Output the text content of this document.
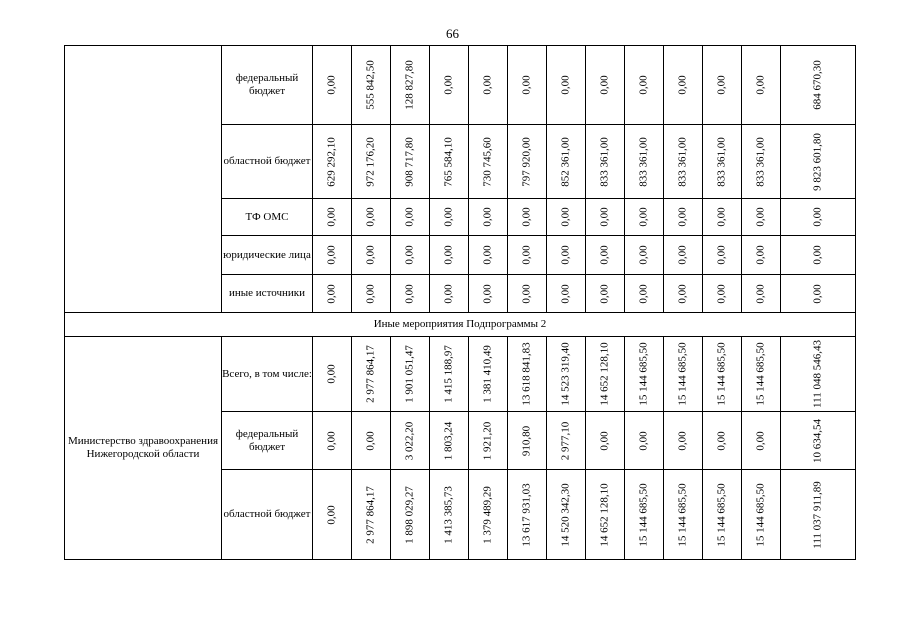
66
	федеральный бюджет	0,00	555 842,50	128 827,80	0,00	0,00	0,00	0,00	0,00	0,00	0,00	0,00	0,00	684 670,30

	областной бюджет	629 292,10	972 176,20	908 717,80	765 584,10	730 745,60	797 920,00	852 361,00	833 361,00	833 361,00	833 361,00	833 361,00	833 361,00	9 823 601,80

	ТФ ОМС	0,00	0,00	0,00	0,00	0,00	0,00	0,00	0,00	0,00	0,00	0,00	0,00	0,00

	юридические лица	0,00	0,00	0,00	0,00	0,00	0,00	0,00	0,00	0,00	0,00	0,00	0,00	0,00

	иные источники	0,00	0,00	0,00	0,00	0,00	0,00	0,00	0,00	0,00	0,00	0,00	0,00	0,00

Иные мероприятия Подпрограммы 2														
Министерство здравоохранения Нижегородской области	Всего, в том числе:	0,00	2 977 864,17	1 901 051,47	1 415 188,97	1 381 410,49	13 618 841,83	14 523 319,40	14 652 128,10	15 144 685,50	15 144 685,50	15 144 685,50	15 144 685,50	111 048 546,43

	федеральный бюджет	0,00	0,00	3 022,20	1 803,24	1 921,20	910,80	2 977,10	0,00	0,00	0,00	0,00	0,00	10 634,54

	областной бюджет	0,00	2 977 864,17	1 898 029,27	1 413 385,73	1 379 489,29	13 617 931,03	14 520 342,30	14 652 128,10	15 144 685,50	15 144 685,50	15 144 685,50	15 144 685,50	111 037 911,89
